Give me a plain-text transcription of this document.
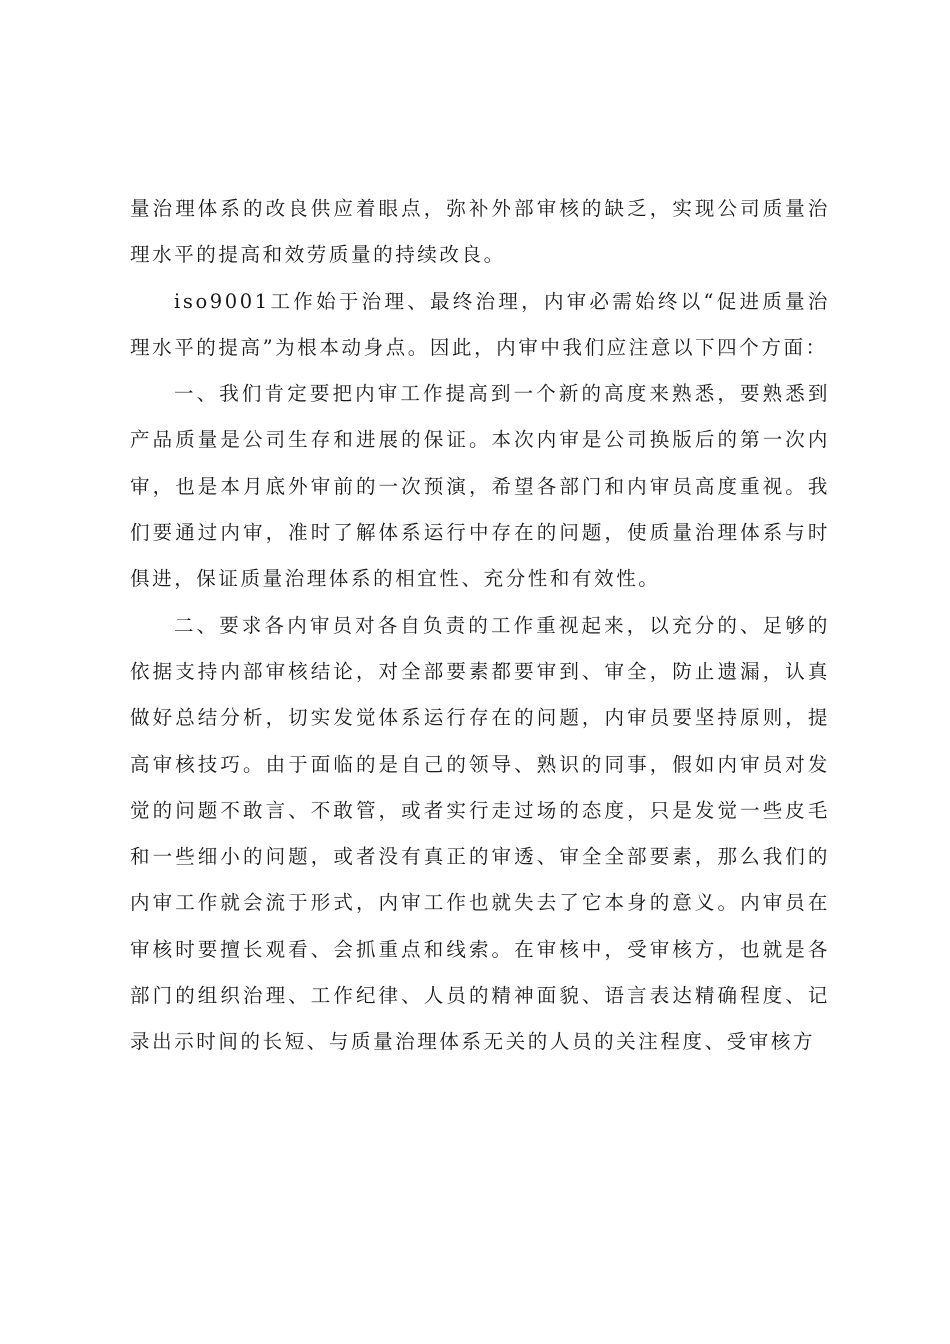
量治理体系的改良供应着眼点，弥补外部审核的缺乏，实现公司质量治理水平的提高和效劳质量的持续改良。

iso9001工作始于治理、最终治理，内审必需始终以“促进质量治理水平的提高”为根本动身点。因此，内审中我们应注意以下四个方面：

一、我们肯定要把内审工作提高到一个新的高度来熟悉，要熟悉到产品质量是公司生存和进展的保证。本次内审是公司换版后的第一次内审，也是本月底外审前的一次预演，希望各部门和内审员高度重视。我们要通过内审，准时了解体系运行中存在的问题，使质量治理体系与时俱进，保证质量治理体系的相宜性、充分性和有效性。

二、要求各内审员对各自负责的工作重视起来，以充分的、足够的依据支持内部审核结论，对全部要素都要审到、审全，防止遗漏，认真做好总结分析，切实发觉体系运行存在的问题，内审员要坚持原则，提高审核技巧。由于面临的是自己的领导、熟识的同事，假如内审员对发觉的问题不敢言、不敢管，或者实行走过场的态度，只是发觉一些皮毛和一些细小的问题，或者没有真正的审透、审全全部要素，那么我们的内审工作就会流于形式，内审工作也就失去了它本身的意义。内审员在审核时要擅长观看、会抓重点和线索。在审核中，受审核方，也就是各部门的组织治理、工作纪律、人员的精神面貌、语言表达精确程度、记录出示时间的长短、与质量治理体系无关的人员的关注程度、受审核方
